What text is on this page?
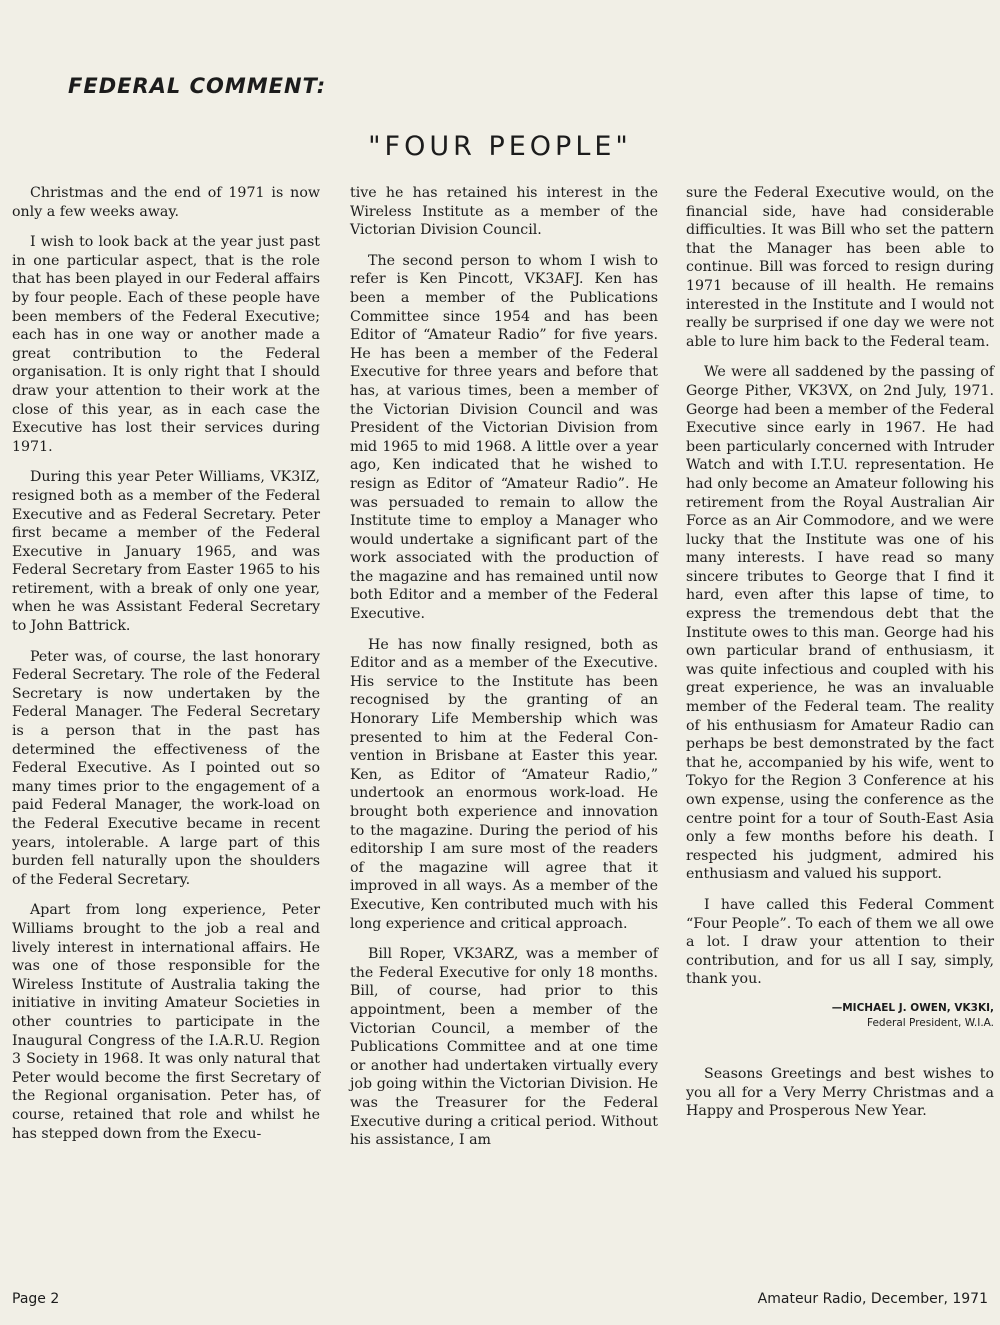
FEDERAL COMMENT:
"FOUR PEOPLE"

Christmas and the end of 1971 is now only a few weeks away.

I wish to look back at the year just past in one particular aspect, that is the role that has been played in our Federal affairs by four people. Each of these people have been members of the Federal Executive; each has in one way or another made a great contribution to the Federal organisation. It is only right that I should draw your attention to their work at the close of this year, as in each case the Executive has lost their services during 1971.

During this year Peter Williams, VK3IZ, resigned both as a member of the Federal Executive and as Federal Secretary. Peter first became a member of the Federal Executive in January 1965, and was Federal Secretary from Easter 1965 to his retirement, with a break of only one year, when he was Assistant Federal Secretary to John Battrick.

Peter was, of course, the last honorary Federal Secretary. The role of the Federal Secretary is now undertaken by the Federal Manager. The Federal Secretary is a person that in the past has determined the effectiveness of the Federal Executive. As I pointed out so many times prior to the engagement of a paid Federal Manager, the work-load on the Federal Executive became in recent years, intolerable. A large part of this burden fell naturally upon the shoulders of the Federal Secretary.

Apart from long experience, Peter Williams brought to the job a real and lively interest in international affairs. He was one of those responsible for the Wireless Institute of Australia taking the initiative in inviting Amateur Societies in other countries to participate in the Inaugural Congress of the I.A.R.U. Region 3 Society in 1968. It was only natural that Peter would become the first Secretary of the Regional organisation. Peter has, of course, retained that role and whilst he has stepped down from the Execu-

tive he has retained his interest in the Wireless Institute as a member of the Victorian Division Council.

The second person to whom I wish to refer is Ken Pincott, VK3AFJ. Ken has been a member of the Publications Committee since 1954 and has been Editor of “Amateur Radio” for five years. He has been a member of the Federal Executive for three years and before that has, at various times, been a member of the Victorian Division Council and was President of the Victorian Division from mid 1965 to mid 1968. A little over a year ago, Ken indicated that he wished to resign as Editor of “Amateur Radio”. He was persuaded to remain to allow the Institute time to employ a Manager who would undertake a significant part of the work associated with the production of the magazine and has remained until now both Editor and a member of the Federal Executive.

He has now finally resigned, both as Editor and as a member of the Executive. His service to the Institute has been recognised by the granting of an Honorary Life Membership which was presented to him at the Federal Convention in Brisbane at Easter this year. Ken, as Editor of “Amateur Radio,” undertook an enormous work-load. He brought both experience and innovation to the magazine. During the period of his editorship I am sure most of the readers of the magazine will agree that it improved in all ways. As a member of the Executive, Ken contributed much with his long experience and critical approach.

Bill Roper, VK3ARZ, was a member of the Federal Executive for only 18 months. Bill, of course, had prior to this appointment, been a member of the Victorian Council, a member of the Publications Committee and at one time or another had undertaken virtually every job going within the Victorian Division. He was the Treasurer for the Federal Executive during a critical period. Without his assistance, I am

sure the Federal Executive would, on the financial side, have had considerable difficulties. It was Bill who set the pattern that the Manager has been able to continue. Bill was forced to resign during 1971 because of ill health. He remains interested in the Institute and I would not really be surprised if one day we were not able to lure him back to the Federal team.

We were all saddened by the passing of George Pither, VK3VX, on 2nd July, 1971. George had been a member of the Federal Executive since early in 1967. He had been particularly concerned with Intruder Watch and with I.T.U. representation. He had only become an Amateur following his retirement from the Royal Australian Air Force as an Air Commodore, and we were lucky that the Institute was one of his many interests. I have read so many sincere tributes to George that I find it hard, even after this lapse of time, to express the tremendous debt that the Institute owes to this man. George had his own particular brand of enthusiasm, it was quite infectious and coupled with his great experience, he was an invaluable member of the Federal team. The reality of his enthusiasm for Amateur Radio can perhaps be best demonstrated by the fact that he, accompanied by his wife, went to Tokyo for the Region 3 Conference at his own expense, using the conference as the centre point for a tour of South-East Asia only a few months before his death. I respected his judgment, admired his enthusiasm and valued his support.

I have called this Federal Comment “Four People”. To each of them we all owe a lot. I draw your attention to their contribution, and for us all I say, simply, thank you.

—MICHAEL J. OWEN, VK3KI,
Federal President, W.I.A.

Seasons Greetings and best wishes to you all for a Very Merry Christmas and a Happy and Prosperous New Year.

Page 2	Amateur Radio, December, 1971
